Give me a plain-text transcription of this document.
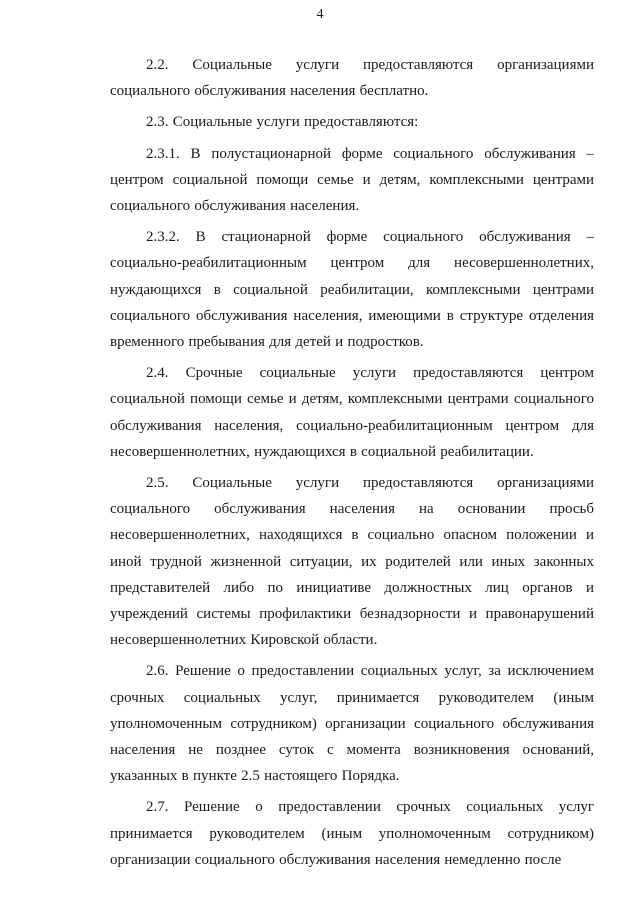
4

2.2. Социальные услуги предоставляются организациями социального обслуживания населения бесплатно.

2.3. Социальные услуги предоставляются:

2.3.1. В полустационарной форме социального обслуживания – центром социальной помощи семье и детям, комплексными центрами социального обслуживания населения.

2.3.2. В стационарной форме социального обслуживания – социально-реабилитационным центром для несовершеннолетних, нуждающихся в социальной реабилитации, комплексными центрами социального обслуживания населения, имеющими в структуре отделения временного пребывания для детей и подростков.

2.4. Срочные социальные услуги предоставляются центром социальной помощи семье и детям, комплексными центрами социального обслуживания населения, социально-реабилитационным центром для несовершеннолетних, нуждающихся в социальной реабилитации.

2.5. Социальные услуги предоставляются организациями социального обслуживания населения на основании просьб несовершеннолетних, находящихся в социально опасном положении и иной трудной жизненной ситуации, их родителей или иных законных представителей либо по инициативе должностных лиц органов и учреждений системы профилактики безнадзорности и правонарушений несовершеннолетних Кировской области.

2.6. Решение о предоставлении социальных услуг, за исключением срочных социальных услуг, принимается руководителем (иным уполномоченным сотрудником) организации социального обслуживания населения не позднее суток с момента возникновения оснований, указанных в пункте 2.5 настоящего Порядка.

2.7. Решение о предоставлении срочных социальных услуг принимается руководителем (иным уполномоченным сотрудником) организации социального обслуживания населения немедленно после
